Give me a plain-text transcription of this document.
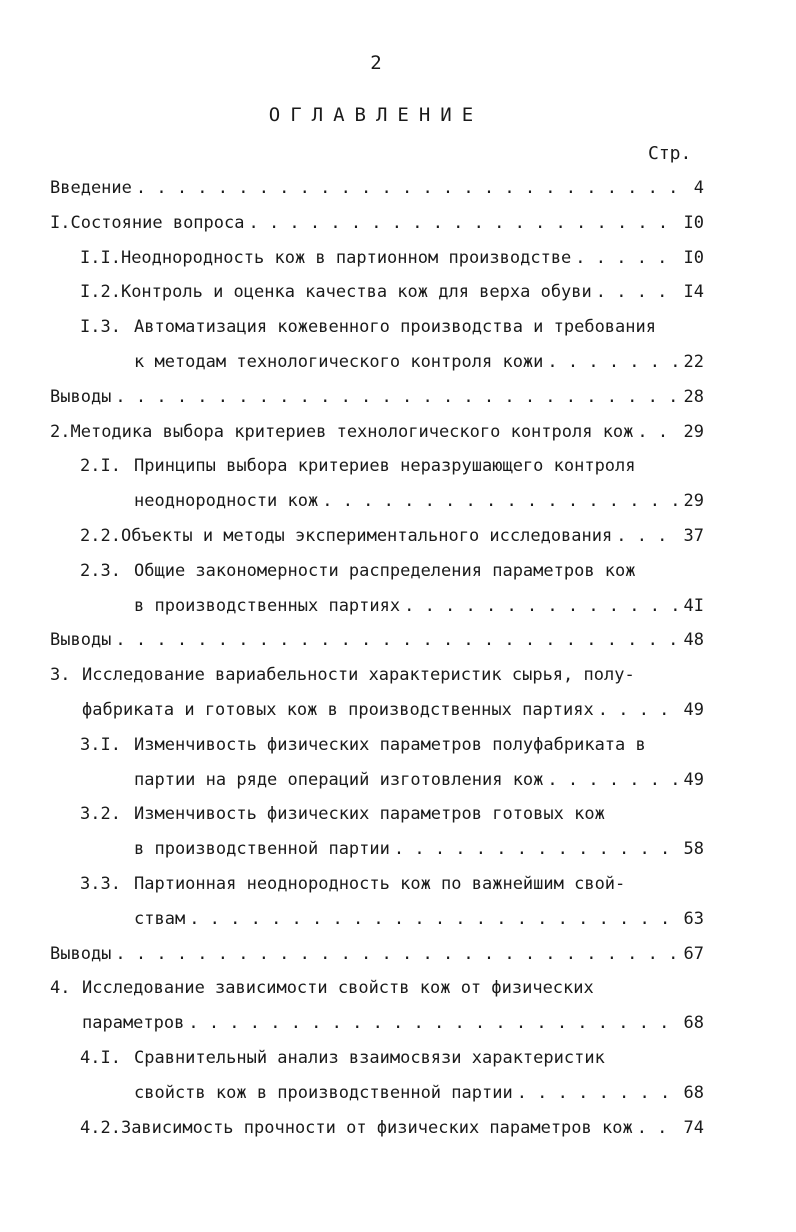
2
ОГЛАВЛЕНИЕ
Стр.
Введение . . .	4
I. Состояние вопроса . . .	I0
I.I. Неоднородность кож в партионном производстве . . .	I0
I.2. Контроль и оценка качества кож для верха обуви . . .	I4
I.3. Автоматизация кожевенного производства и требования
к методам технологического контроля кожи . . .	22
Выводы . . .	28
2. Методика выбора критериев технологического контроля кож . . .	29
2.I. Принципы выбора критериев неразрушающего контроля
неоднородности кож . . .	29
2.2. Объекты и методы экспериментального исследования . . .	37
2.3. Общие закономерности распределения параметров кож
в производственных партиях . . .	4I
Выводы . . .	48
3. Исследование вариабельности характеристик сырья, полу-
фабриката и готовых кож в производственных партиях . . .	49
3.I. Изменчивость физических параметров полуфабриката в
партии на ряде операций изготовления кож . . .	49
3.2. Изменчивость физических параметров готовых кож
в производственной партии . . .	58
3.3. Партионная неоднородность кож по важнейшим свой-
ствам . . .	63
Выводы . . .	67
4. Исследование зависимости свойств кож от физических
параметров . . .	68
4.I. Сравнительный анализ взаимосвязи характеристик
свойств кож в производственной партии . . .	68
4.2. Зависимость прочности от физических параметров кож . . .	74
